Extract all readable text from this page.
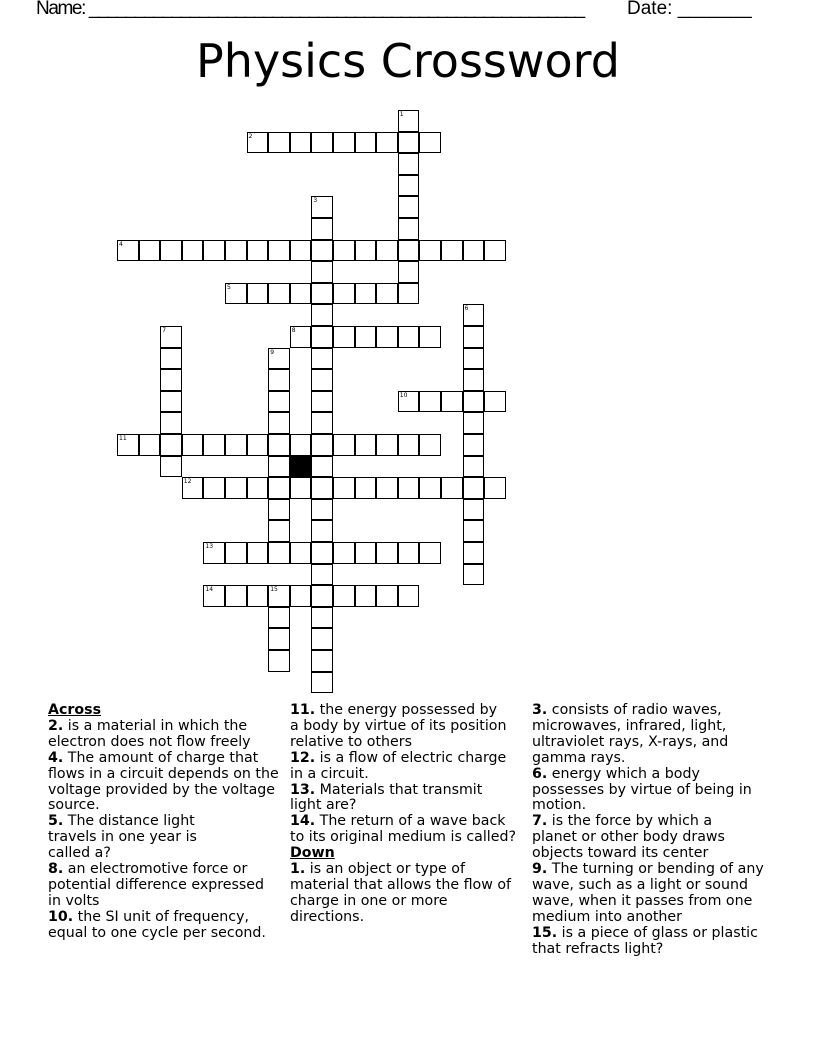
Name: ______________________________________________________ Date: _______
Physics Crossword
1
2
3
4
5
6
7	8
9
10
11
12
13
14	15
Across
2. is a material in which the electron does not flow freely
4. The amount of charge that flows in a circuit depends on the voltage provided by the voltage source.
5. The distance light travels in one year is called a?
8. an electromotive force or potential difference expressed in volts
10. the SI unit of frequency, equal to one cycle per second.
11. the energy possessed by a body by virtue of its position relative to others
12. is a flow of electric charge in a circuit.
13. Materials that transmit light are?
14. The return of a wave back to its original medium is called?
Down
1. is an object or type of material that allows the flow of charge in one or more directions.
3. consists of radio waves, microwaves, infrared, light, ultraviolet rays, X-rays, and gamma rays.
6. energy which a body possesses by virtue of being in motion.
7. is the force by which a planet or other body draws objects toward its center
9. The turning or bending of any wave, such as a light or sound wave, when it passes from one medium into another
15. is a piece of glass or plastic that refracts light?
